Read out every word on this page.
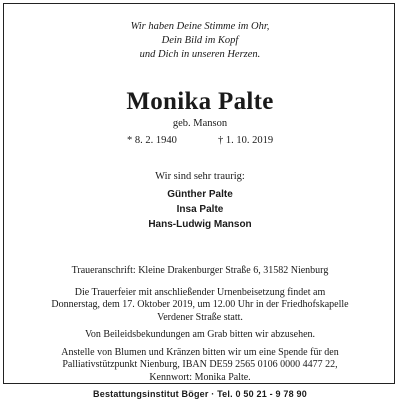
Wir haben Deine Stimme im Ohr,
Dein Bild im Kopf
und Dich in unseren Herzen.
Monika Palte
geb. Manson
* 8. 2. 1940	† 1. 10. 2019
Wir sind sehr traurig:
Günther Palte
Insa Palte
Hans-Ludwig Manson

Traueranschrift: Kleine Drakenburger Straße 6, 31582 Nienburg

Die Trauerfeier mit anschließender Urnenbeisetzung findet am
Donnerstag, dem 17. Oktober 2019, um 12.00 Uhr in der Friedhofskapelle
Verdener Straße statt.

Von Beileidsbekundungen am Grab bitten wir abzusehen.

Anstelle von Blumen und Kränzen bitten wir um eine Spende für den
Palliativstützpunkt Nienburg, IBAN DE59 2565 0106 0000 4477 22,
Kennwort: Monika Palte.

Bestattungsinstitut Böger · Tel. 0 50 21 - 9 78 90
